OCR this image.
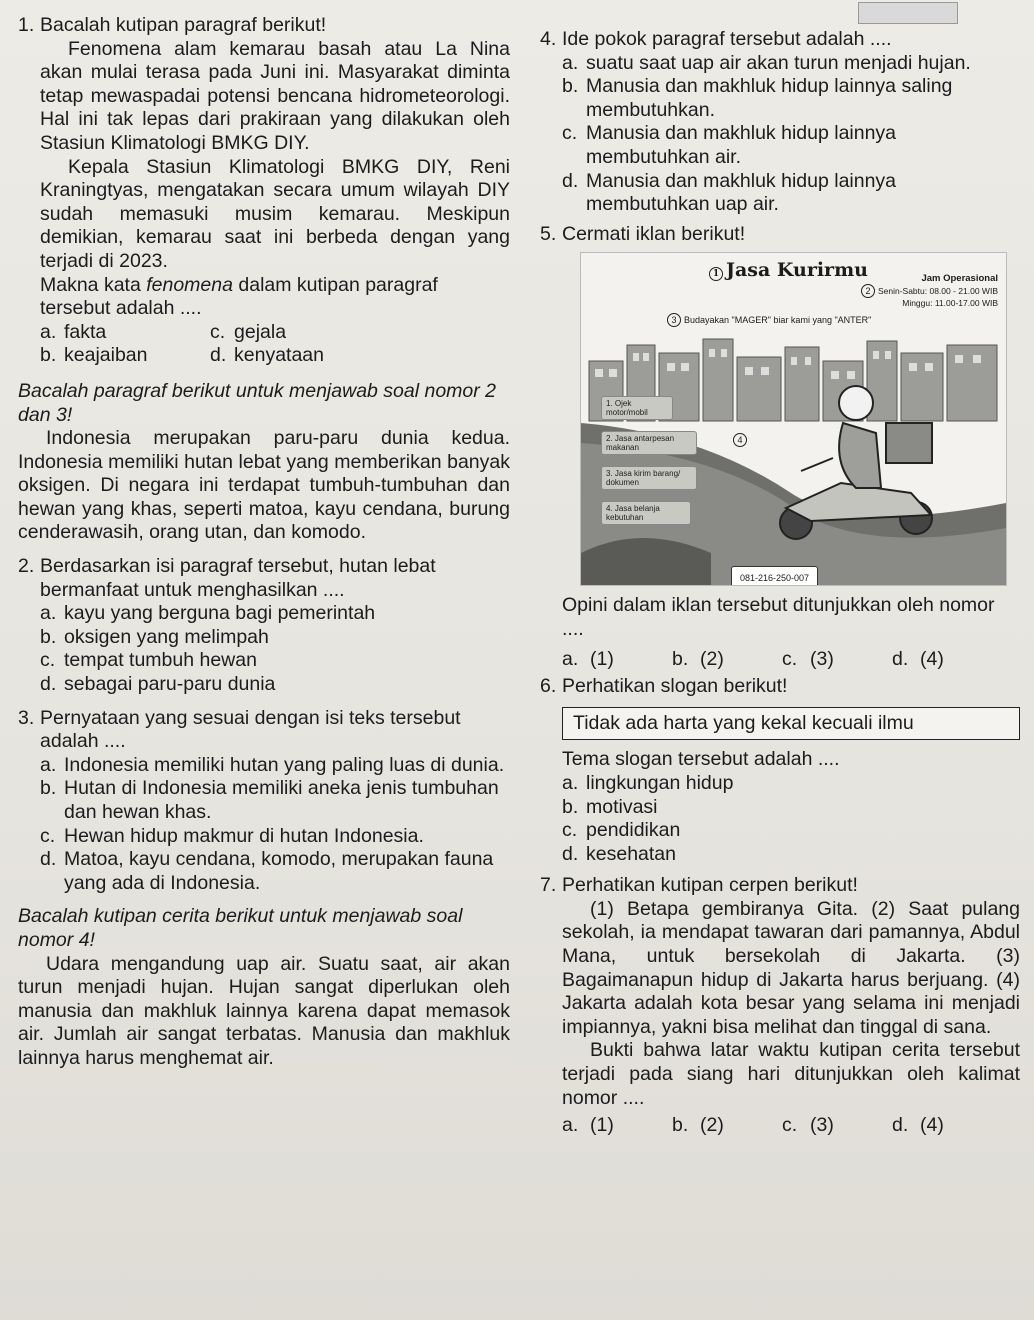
1. Bacalah kutipan paragraf berikut!
Fenomena alam kemarau basah atau La Nina akan mulai terasa pada Juni ini. Masyarakat diminta tetap mewaspadai potensi bencana hidrometeorologi. Hal ini tak lepas dari prakiraan yang dilakukan oleh Stasiun Klimatologi BMKG DIY.
Kepala Stasiun Klimatologi BMKG DIY, Reni Kraningtyas, mengatakan secara umum wilayah DIY sudah memasuki musim kemarau. Meskipun demikian, kemarau saat ini berbeda dengan yang terjadi di 2023.
Makna kata fenomena dalam kutipan paragraf tersebut adalah ....
a. fakta	c. gejala
b. keajaiban	d. kenyataan
Bacalah paragraf berikut untuk menjawab soal nomor 2 dan 3!
Indonesia merupakan paru-paru dunia kedua. Indonesia memiliki hutan lebat yang memberikan banyak oksigen. Di negara ini terdapat tumbuh-tumbuhan dan hewan yang khas, seperti matoa, kayu cendana, burung cenderawasih, orang utan, dan komodo.
2. Berdasarkan isi paragraf tersebut, hutan lebat bermanfaat untuk menghasilkan ....
a. kayu yang berguna bagi pemerintah
b. oksigen yang melimpah
c. tempat tumbuh hewan
d. sebagai paru-paru dunia
3. Pernyataan yang sesuai dengan isi teks tersebut adalah ....
a. Indonesia memiliki hutan yang paling luas di dunia.
b. Hutan di Indonesia memiliki aneka jenis tumbuhan dan hewan khas.
c. Hewan hidup makmur di hutan Indonesia.
d. Matoa, kayu cendana, komodo, merupakan fauna yang ada di Indonesia.
Bacalah kutipan cerita berikut untuk menjawab soal nomor 4!
Udara mengandung uap air. Suatu saat, air akan turun menjadi hujan. Hujan sangat diperlukan oleh manusia dan makhluk lainnya karena dapat memasok air. Jumlah air sangat terbatas. Manusia dan makhluk lainnya harus menghemat air.
4. Ide pokok paragraf tersebut adalah ....
a. suatu saat uap air akan turun menjadi hujan.
b. Manusia dan makhluk hidup lainnya saling membutuhkan.
c. Manusia dan makhluk hidup lainnya membutuhkan air.
d. Manusia dan makhluk hidup lainnya membutuhkan uap air.
5. Cermati iklan berikut!
1 Jasa Kurirmu	Jam Operasional
2 Senin-Sabtu: 08.00 - 21.00 WIB
Minggu: 11.00-17.00 WIB
3 Budayakan "MAGER" biar kami yang "ANTER"
1. Ojek motor/mobil
2. Jasa antarpesan makanan
4
3. Jasa kirim barang/ dokumen
4. Jasa belanja kebutuhan
081-216-250-007
Opini dalam iklan tersebut ditunjukkan oleh nomor ....
a. (1)	b. (2)	c. (3)	d. (4)
6. Perhatikan slogan berikut!
Tidak ada harta yang kekal kecuali ilmu
Tema slogan tersebut adalah ....
a. lingkungan hidup
b. motivasi
c. pendidikan
d. kesehatan
7. Perhatikan kutipan cerpen berikut!
(1) Betapa gembiranya Gita. (2) Saat pulang sekolah, ia mendapat tawaran dari pamannya, Abdul Mana, untuk bersekolah di Jakarta. (3) Bagaimanapun hidup di Jakarta harus berjuang. (4) Jakarta adalah kota besar yang selama ini menjadi impiannya, yakni bisa melihat dan tinggal di sana.
Bukti bahwa latar waktu kutipan cerita tersebut terjadi pada siang hari ditunjukkan oleh kalimat nomor ....
a. (1)	b. (2)	c. (3)	d. (4)
